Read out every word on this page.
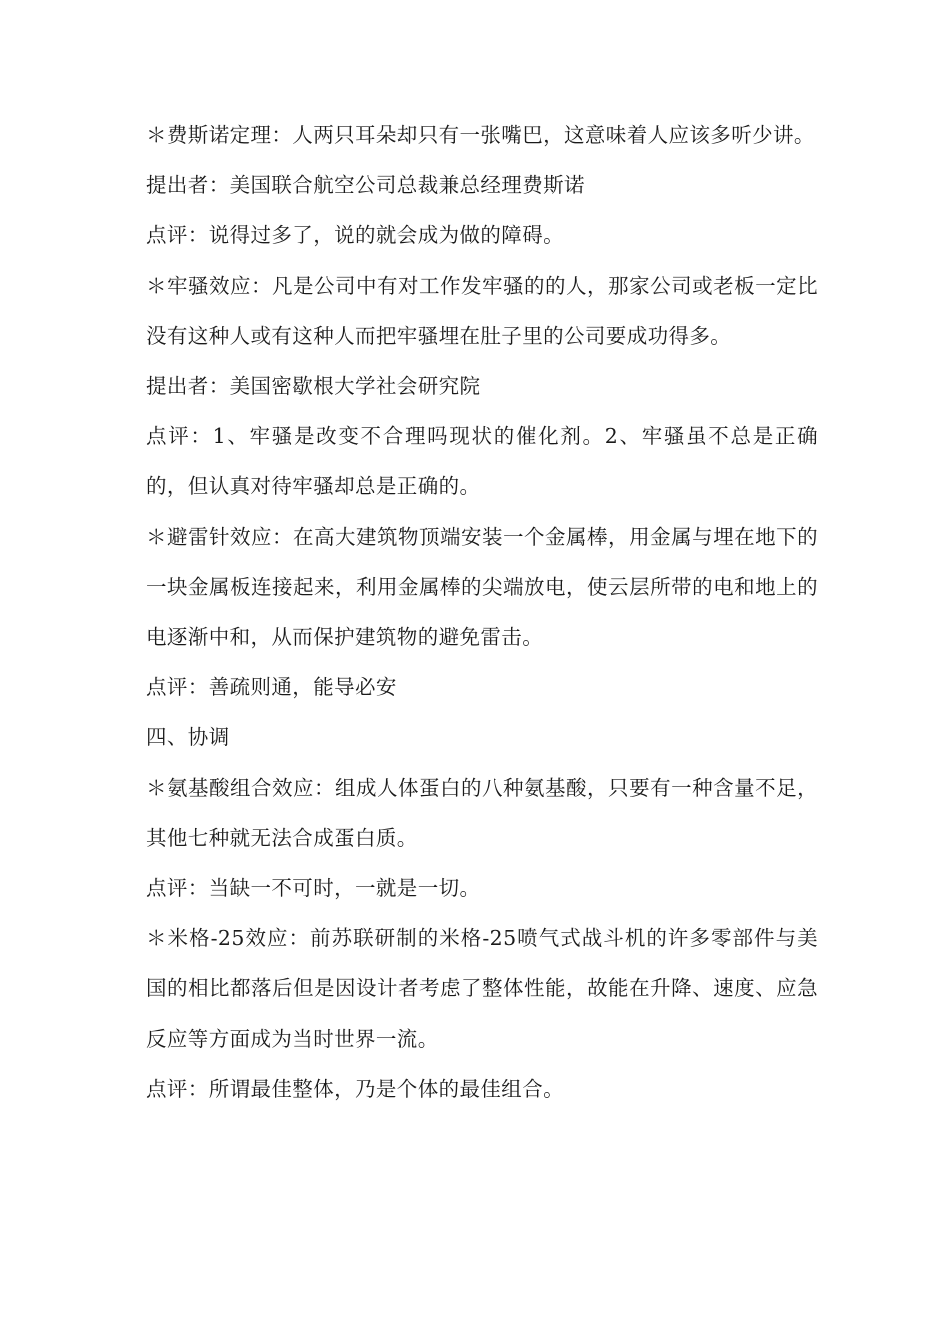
＊费斯诺定理：人两只耳朵却只有一张嘴巴，这意味着人应该多听少讲。

提出者：美国联合航空公司总裁兼总经理费斯诺

点评：说得过多了，说的就会成为做的障碍。

＊牢骚效应：凡是公司中有对工作发牢骚的的人，那家公司或老板一定比没有这种人或有这种人而把牢骚埋在肚子里的公司要成功得多。

提出者：美国密歇根大学社会研究院

点评：1、牢骚是改变不合理吗现状的催化剂。2、牢骚虽不总是正确的，但认真对待牢骚却总是正确的。

＊避雷针效应：在高大建筑物顶端安装一个金属棒，用金属与埋在地下的一块金属板连接起来，利用金属棒的尖端放电，使云层所带的电和地上的电逐渐中和，从而保护建筑物的避免雷击。

点评：善疏则通，能导必安

四、协调

＊氨基酸组合效应：组成人体蛋白的八种氨基酸，只要有一种含量不足，其他七种就无法合成蛋白质。

点评：当缺一不可时，一就是一切。

＊米格-25效应：前苏联研制的米格-25喷气式战斗机的许多零部件与美国的相比都落后但是因设计者考虑了整体性能，故能在升降、速度、应急反应等方面成为当时世界一流。

点评：所谓最佳整体，乃是个体的最佳组合。
